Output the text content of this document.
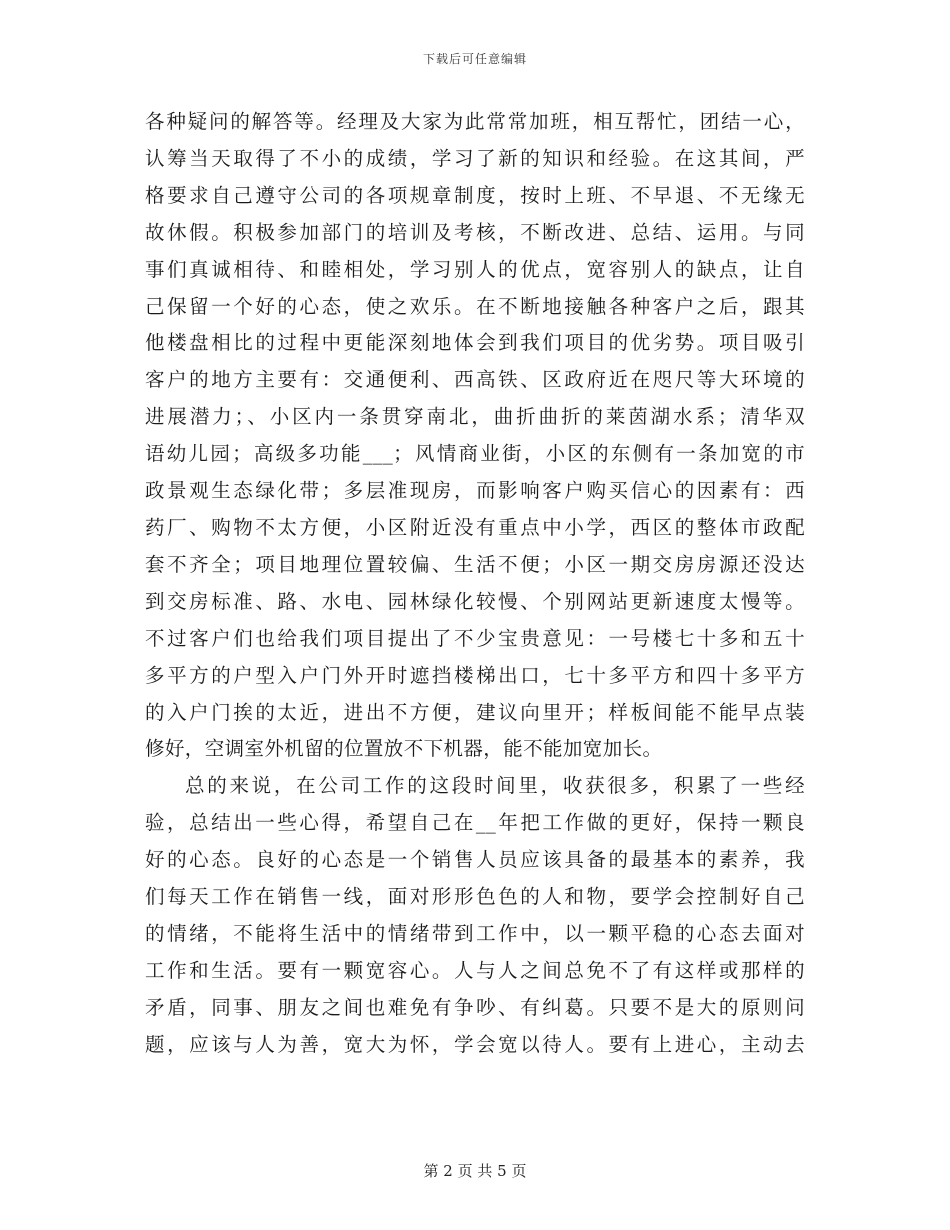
下载后可任意编辑
各种疑问的解答等。经理及大家为此常常加班，相互帮忙，团结一心，
认筹当天取得了不小的成绩，学习了新的知识和经验。在这其间，严
格要求自己遵守公司的各项规章制度，按时上班、不早退、不无缘无
故休假。积极参加部门的培训及考核，不断改进、总结、运用。与同
事们真诚相待、和睦相处，学习别人的优点，宽容别人的缺点，让自
己保留一个好的心态，使之欢乐。在不断地接触各种客户之后，跟其
他楼盘相比的过程中更能深刻地体会到我们项目的优劣势。项目吸引
客户的地方主要有：交通便利、西高铁、区政府近在咫尺等大环境的
进展潜力；、小区内一条贯穿南北，曲折曲折的莱茵湖水系；清华双
语幼儿园；高级多功能___；风情商业街，小区的东侧有一条加宽的市
政景观生态绿化带；多层准现房，而影响客户购买信心的因素有：西
药厂、购物不太方便，小区附近没有重点中小学，西区的整体市政配
套不齐全；项目地理位置较偏、生活不便；小区一期交房房源还没达
到交房标准、路、水电、园林绿化较慢、个别网站更新速度太慢等。
不过客户们也给我们项目提出了不少宝贵意见：一号楼七十多和五十
多平方的户型入户门外开时遮挡楼梯出口，七十多平方和四十多平方
的入户门挨的太近，进出不方便，建议向里开；样板间能不能早点装
修好，空调室外机留的位置放不下机器，能不能加宽加长。
总的来说，在公司工作的这段时间里，收获很多，积累了一些经
验，总结出一些心得，希望自己在__年把工作做的更好，保持一颗良
好的心态。良好的心态是一个销售人员应该具备的最基本的素养，我
们每天工作在销售一线，面对形形色色的人和物，要学会控制好自己
的情绪，不能将生活中的情绪带到工作中，以一颗平稳的心态去面对
工作和生活。要有一颗宽容心。人与人之间总免不了有这样或那样的
矛盾，同事、朋友之间也难免有争吵、有纠葛。只要不是大的原则问
题，应该与人为善，宽大为怀，学会宽以待人。要有上进心，主动去
第 2 页 共 5 页
